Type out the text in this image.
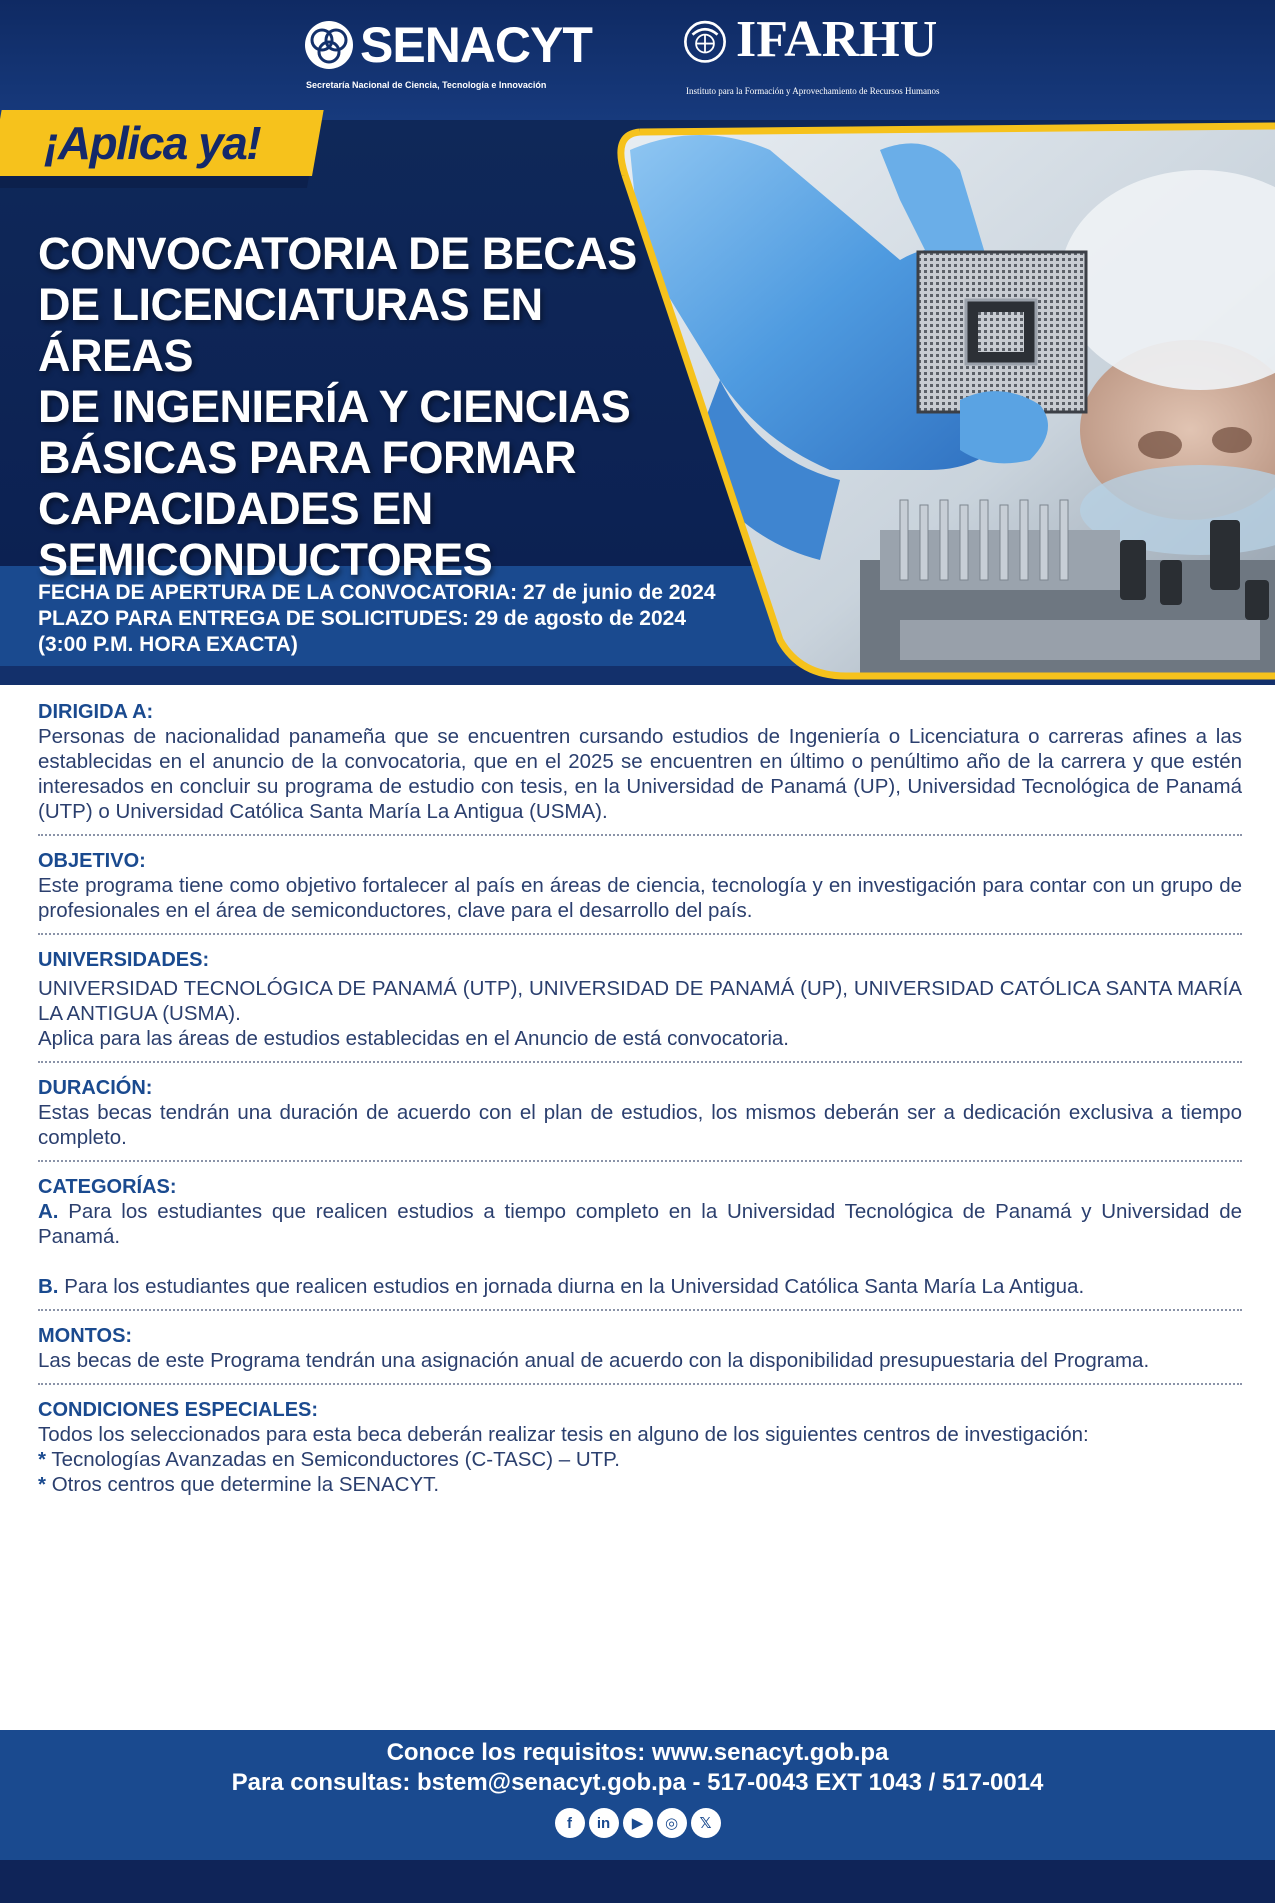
SENACYT
Secretaría Nacional de Ciencia, Tecnología e Innovación
IFARHU
Instituto para la Formación y Aprovechamiento de Recursos Humanos
¡Aplica ya!
CONVOCATORIA DE BECAS
DE LICENCIATURAS EN ÁREAS
DE INGENIERÍA Y CIENCIAS
BÁSICAS PARA FORMAR
CAPACIDADES EN
SEMICONDUCTORES
FECHA DE APERTURA DE LA CONVOCATORIA: 27 de junio de 2024
PLAZO PARA ENTREGA DE SOLICITUDES: 29 de agosto de 2024
(3:00 P.M. HORA EXACTA)
DIRIGIDA A:
Personas de nacionalidad panameña que se encuentren cursando estudios de Ingeniería o Licenciatura o carreras afines a las establecidas en el anuncio de la convocatoria, que en el 2025 se encuentren en último o penúltimo año de la carrera y que estén interesados en concluir su programa de estudio con tesis, en la Universidad de Panamá (UP), Universidad Tecnológica de Panamá (UTP) o Universidad Católica Santa María La Antigua (USMA).
OBJETIVO:
Este programa tiene como objetivo fortalecer al país en áreas de ciencia, tecnología y en investigación para contar con un grupo de profesionales en el área de semiconductores, clave para el desarrollo del país.
UNIVERSIDADES:
UNIVERSIDAD TECNOLÓGICA DE PANAMÁ (UTP), UNIVERSIDAD DE PANAMÁ (UP), UNIVERSIDAD CATÓLICA SANTA MARÍA LA ANTIGUA (USMA).
Aplica para las áreas de estudios establecidas en el Anuncio de está convocatoria.
DURACIÓN:
Estas becas tendrán una duración de acuerdo con el plan de estudios, los mismos deberán ser a dedicación exclusiva a tiempo completo.
CATEGORÍAS:
A. Para los estudiantes que realicen estudios a tiempo completo en la Universidad Tecnológica de Panamá y Universidad de Panamá.
B. Para los estudiantes que realicen estudios en jornada diurna en la Universidad Católica Santa María La Antigua.
MONTOS:
Las becas de este Programa tendrán una asignación anual de acuerdo con la disponibilidad presupuestaria del Programa.
CONDICIONES ESPECIALES:
Todos los seleccionados para esta beca deberán realizar tesis en alguno de los siguientes centros de investigación:
* Tecnologías Avanzadas en Semiconductores (C-TASC) – UTP.
* Otros centros que determine la SENACYT.
Conoce los requisitos: www.senacyt.gob.pa
Para consultas: bstem@senacyt.gob.pa - 517-0043 EXT 1043 / 517-0014
f	in	▶	◎	𝕏
